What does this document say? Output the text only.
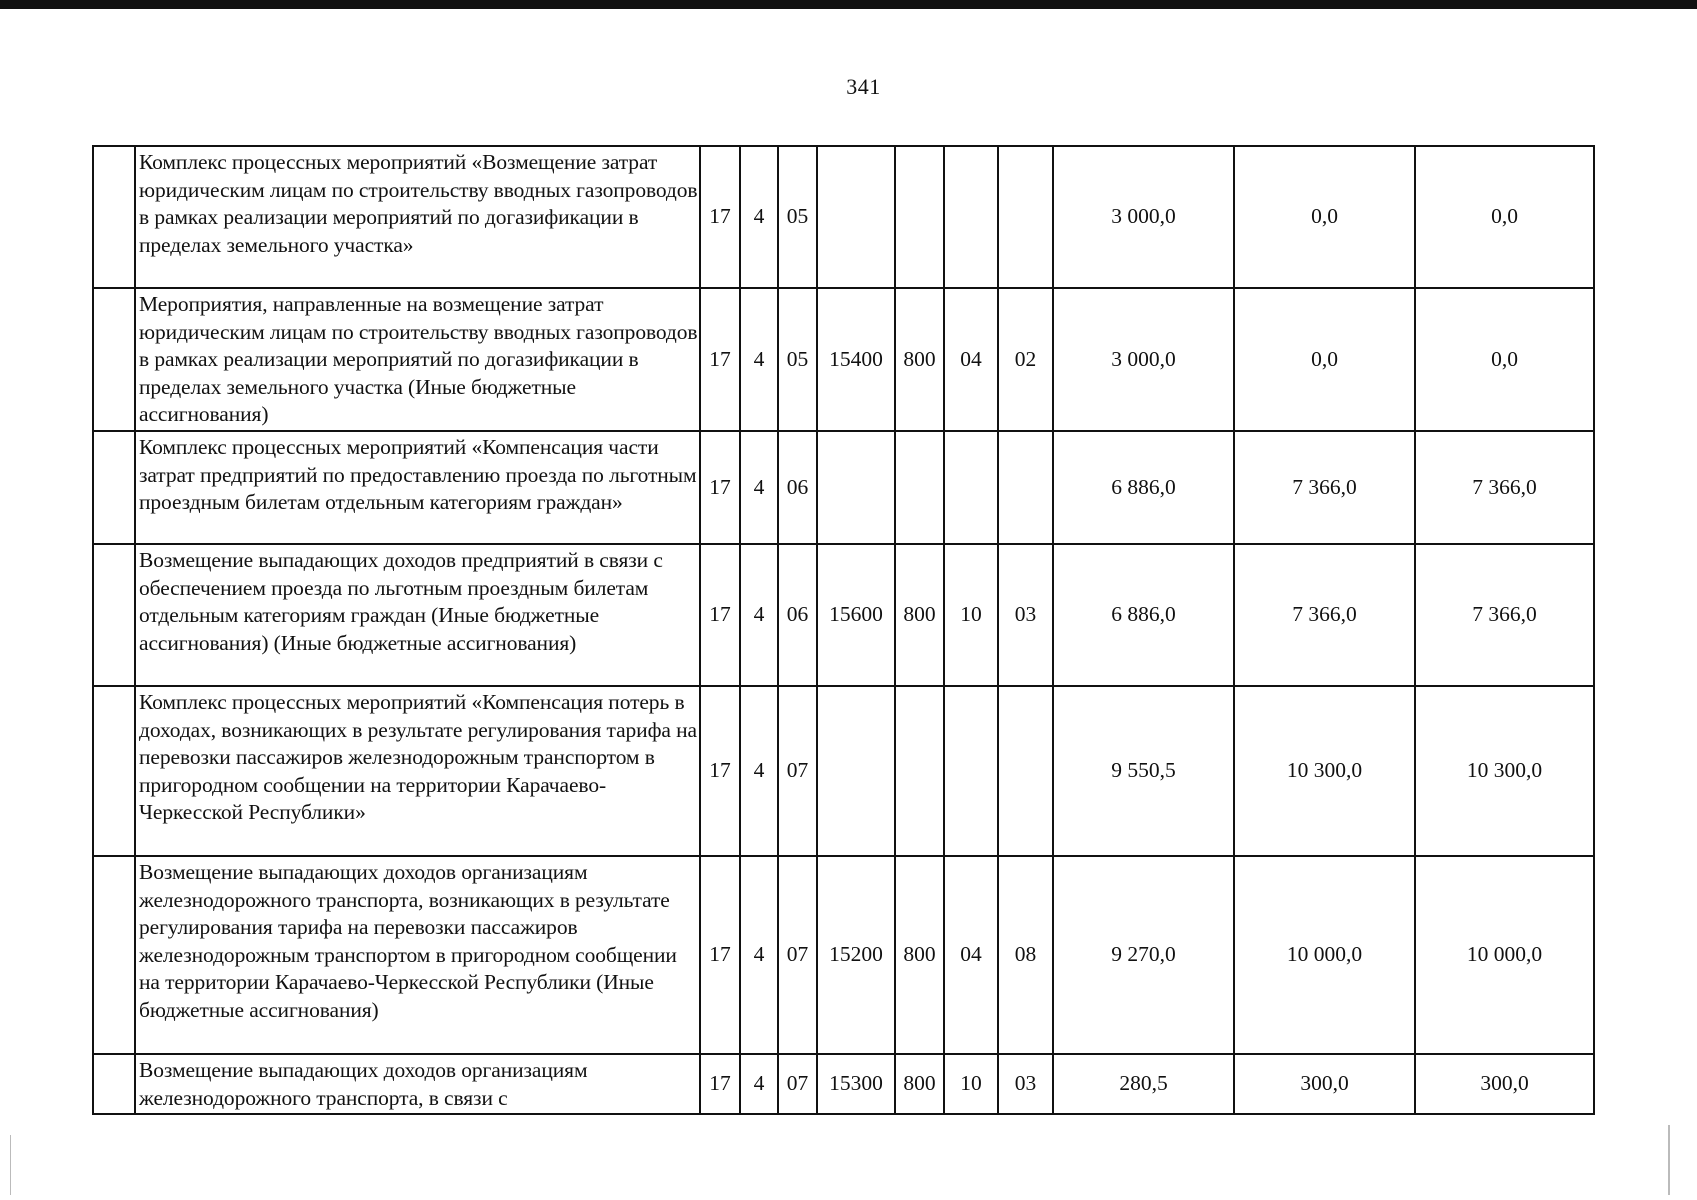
341
	Комплекс процессных мероприятий «Возмещение затрат юридическим лицам по строительству вводных газопроводов в рамках реализации мероприятий по догазификации в пределах земельного участка»	17	4	05					3 000,0	0,0	0,0
	Мероприятия, направленные на возмещение затрат юридическим лицам по строительству вводных газопроводов в рамках реализации мероприятий по догазификации в пределах земельного участка (Иные бюджетные ассигнования)	17	4	05	15400	800	04	02	3 000,0	0,0	0,0
	Комплекс процессных мероприятий «Компенсация части затрат предприятий по предоставлению проезда по льготным проездным билетам отдельным категориям граждан»	17	4	06					6 886,0	7 366,0	7 366,0
	Возмещение выпадающих доходов предприятий в связи с обеспечением проезда по льготным проездным билетам отдельным категориям граждан (Иные бюджетные ассигнования) (Иные бюджетные ассигнования)	17	4	06	15600	800	10	03	6 886,0	7 366,0	7 366,0
	Комплекс процессных мероприятий «Компенсация потерь в доходах, возникающих в результате регулирования тарифа на перевозки пассажиров железнодорожным транспортом в пригородном сообщении на территории Карачаево-Черкесской Республики»	17	4	07					9 550,5	10 300,0	10 300,0
	Возмещение выпадающих доходов организациям железнодорожного транспорта, возникающих в результате регулирования тарифа на перевозки пассажиров железнодорожным транспортом в пригородном сообщении на территории Карачаево-Черкесской Республики (Иные бюджетные ассигнования)	17	4	07	15200	800	04	08	9 270,0	10 000,0	10 000,0
	Возмещение выпадающих доходов организациям железнодорожного транспорта, в связи с	17	4	07	15300	800	10	03	280,5	300,0	300,0
